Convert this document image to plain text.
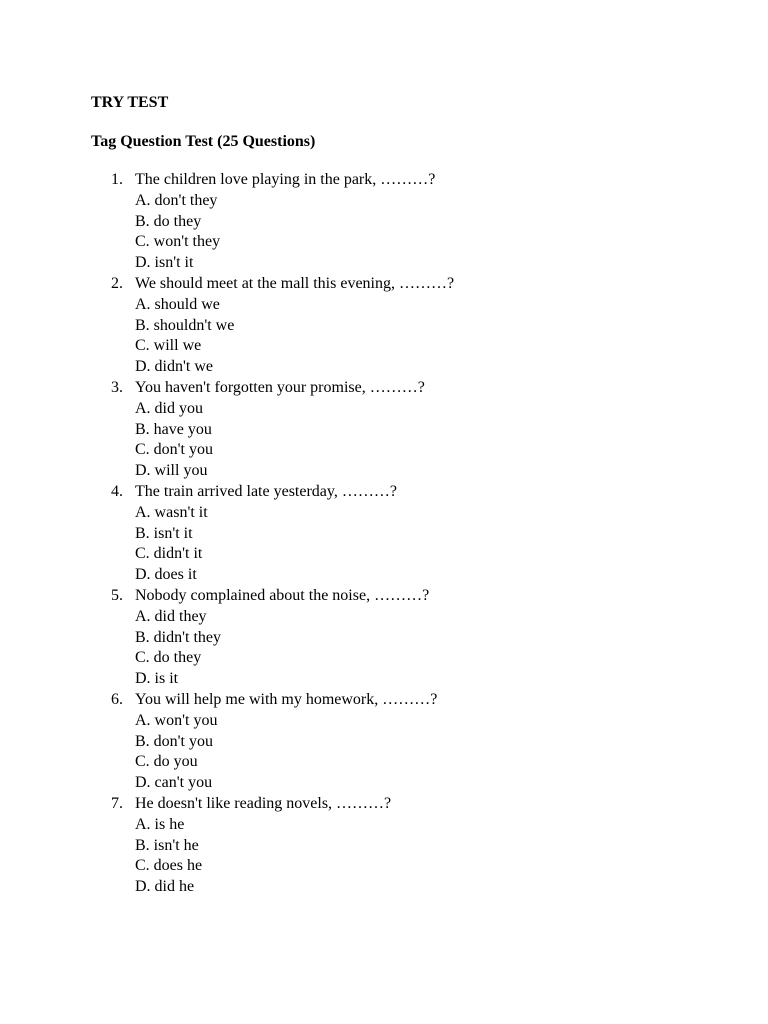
TRY TEST
Tag Question Test (25 Questions)
1. The children love playing in the park, ………?
A. don't they
B. do they
C. won't they
D. isn't it
2. We should meet at the mall this evening, ………?
A. should we
B. shouldn't we
C. will we
D. didn't we
3. You haven't forgotten your promise, ………?
A. did you
B. have you
C. don't you
D. will you
4. The train arrived late yesterday, ………?
A. wasn't it
B. isn't it
C. didn't it
D. does it
5. Nobody complained about the noise, ………?
A. did they
B. didn't they
C. do they
D. is it
6. You will help me with my homework, ………?
A. won't you
B. don't you
C. do you
D. can't you
7. He doesn't like reading novels, ………?
A. is he
B. isn't he
C. does he
D. did he
